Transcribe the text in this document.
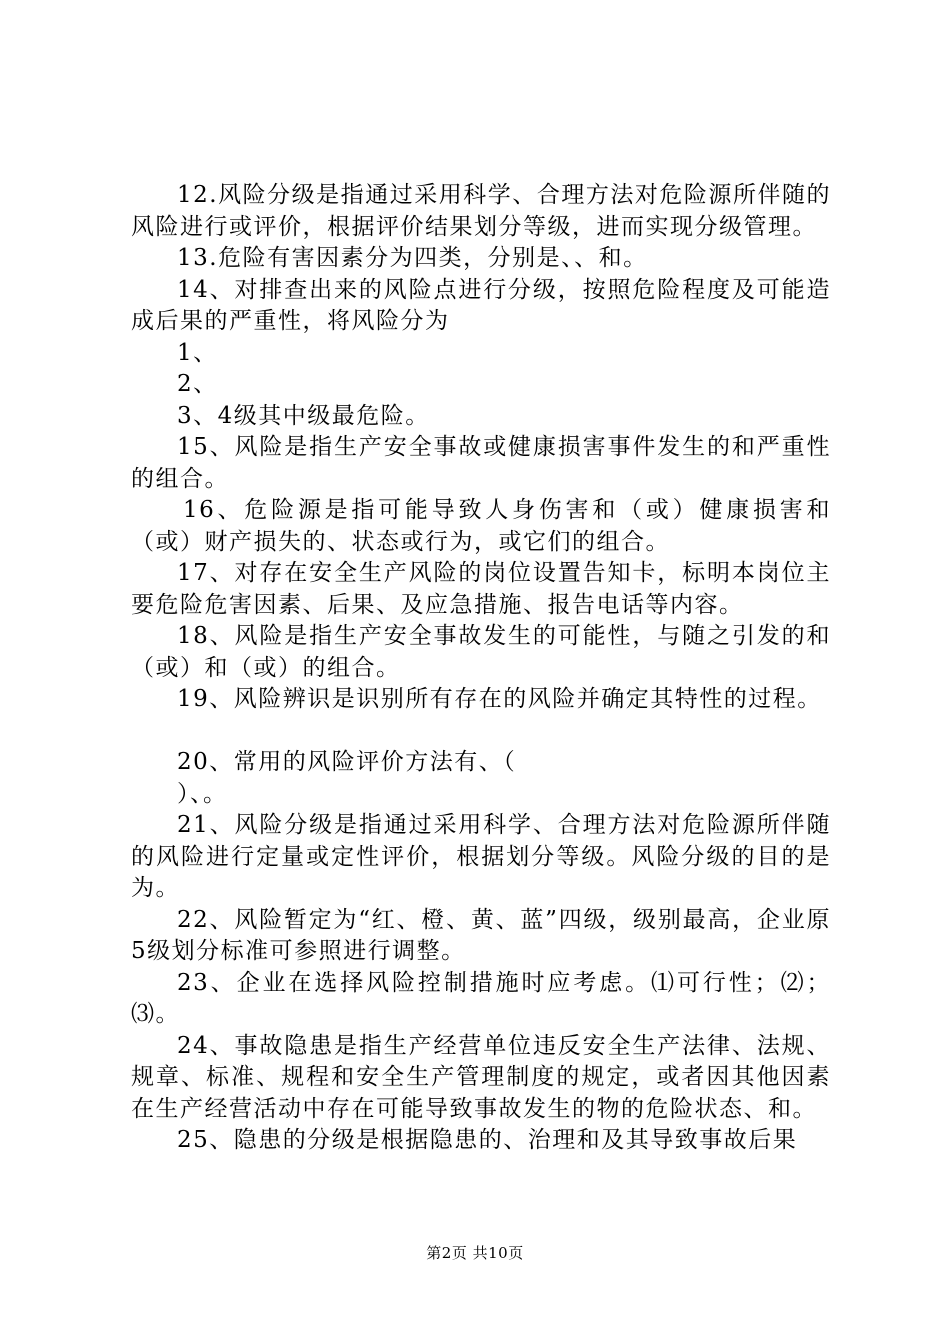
12.风险分级是指通过采用科学、合理方法对危险源所伴随的风险进行或评价，根据评价结果划分等级，进而实现分级管理。

13.危险有害因素分为四类，分别是、、和。

14、对排查出来的风险点进行分级，按照危险程度及可能造成后果的严重性，将风险分为

1、

2、

3、4级其中级最危险。

15、风险是指生产安全事故或健康损害事件发生的和严重性的组合。

16、危险源是指可能导致人身伤害和（或）健康损害和（或）财产损失的、状态或行为，或它们的组合。

17、对存在安全生产风险的岗位设置告知卡，标明本岗位主要危险危害因素、后果、及应急措施、报告电话等内容。

18、风险是指生产安全事故发生的可能性，与随之引发的和（或）和（或）的组合。

19、风险辨识是识别所有存在的风险并确定其特性的过程。

20、常用的风险评价方法有、（

）、。

21、风险分级是指通过采用科学、合理方法对危险源所伴随的风险进行定量或定性评价，根据划分等级。风险分级的目的是为。

22、风险暂定为“红、橙、黄、蓝”四级，级别最高，企业原5级划分标准可参照进行调整。

23、企业在选择风险控制措施时应考虑。⑴可行性；⑵；⑶。

24、事故隐患是指生产经营单位违反安全生产法律、法规、规章、标准、规程和安全生产管理制度的规定，或者因其他因素在生产经营活动中存在可能导致事故发生的物的危险状态、和。

25、隐患的分级是根据隐患的、治理和及其导致事故后果

第2页 共10页
